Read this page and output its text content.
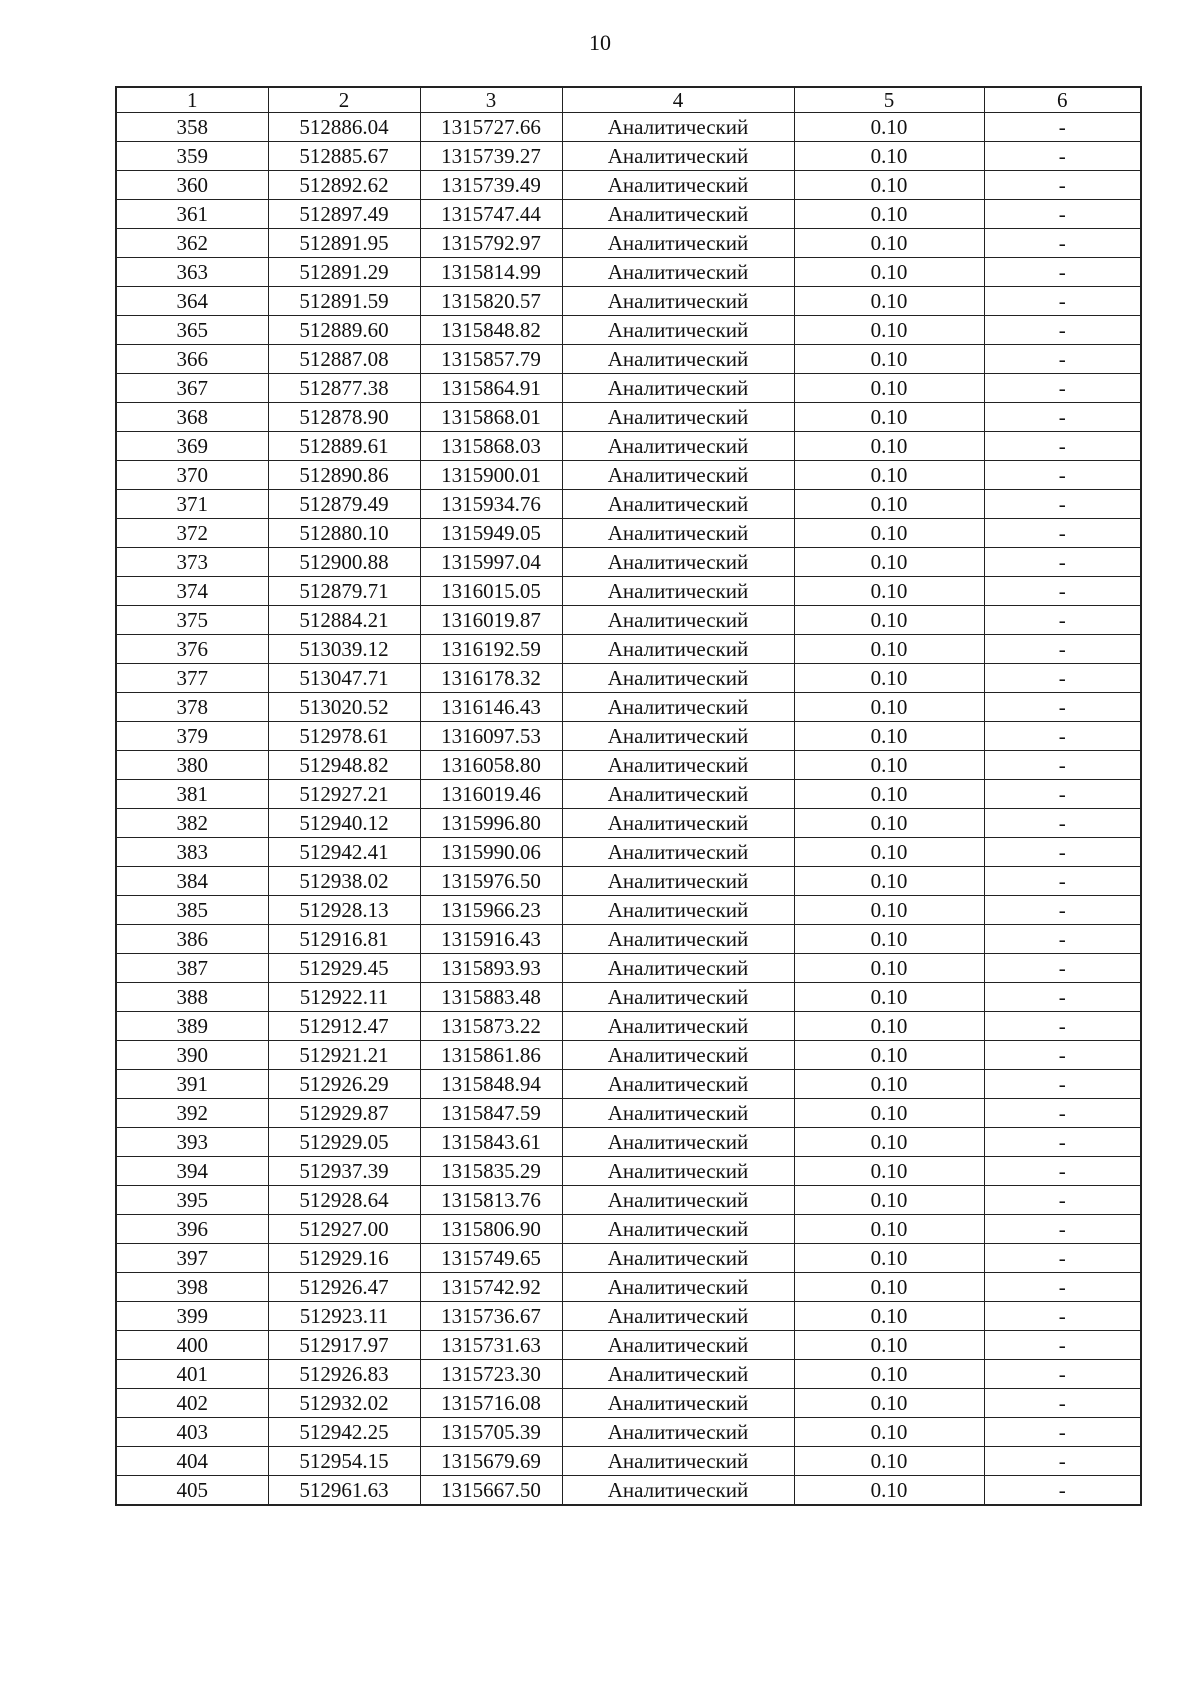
10
1	2	3	4	5	6
358	512886.04	1315727.66	Аналитический	0.10	-
359	512885.67	1315739.27	Аналитический	0.10	-
360	512892.62	1315739.49	Аналитический	0.10	-
361	512897.49	1315747.44	Аналитический	0.10	-
362	512891.95	1315792.97	Аналитический	0.10	-
363	512891.29	1315814.99	Аналитический	0.10	-
364	512891.59	1315820.57	Аналитический	0.10	-
365	512889.60	1315848.82	Аналитический	0.10	-
366	512887.08	1315857.79	Аналитический	0.10	-
367	512877.38	1315864.91	Аналитический	0.10	-
368	512878.90	1315868.01	Аналитический	0.10	-
369	512889.61	1315868.03	Аналитический	0.10	-
370	512890.86	1315900.01	Аналитический	0.10	-
371	512879.49	1315934.76	Аналитический	0.10	-
372	512880.10	1315949.05	Аналитический	0.10	-
373	512900.88	1315997.04	Аналитический	0.10	-
374	512879.71	1316015.05	Аналитический	0.10	-
375	512884.21	1316019.87	Аналитический	0.10	-
376	513039.12	1316192.59	Аналитический	0.10	-
377	513047.71	1316178.32	Аналитический	0.10	-
378	513020.52	1316146.43	Аналитический	0.10	-
379	512978.61	1316097.53	Аналитический	0.10	-
380	512948.82	1316058.80	Аналитический	0.10	-
381	512927.21	1316019.46	Аналитический	0.10	-
382	512940.12	1315996.80	Аналитический	0.10	-
383	512942.41	1315990.06	Аналитический	0.10	-
384	512938.02	1315976.50	Аналитический	0.10	-
385	512928.13	1315966.23	Аналитический	0.10	-
386	512916.81	1315916.43	Аналитический	0.10	-
387	512929.45	1315893.93	Аналитический	0.10	-
388	512922.11	1315883.48	Аналитический	0.10	-
389	512912.47	1315873.22	Аналитический	0.10	-
390	512921.21	1315861.86	Аналитический	0.10	-
391	512926.29	1315848.94	Аналитический	0.10	-
392	512929.87	1315847.59	Аналитический	0.10	-
393	512929.05	1315843.61	Аналитический	0.10	-
394	512937.39	1315835.29	Аналитический	0.10	-
395	512928.64	1315813.76	Аналитический	0.10	-
396	512927.00	1315806.90	Аналитический	0.10	-
397	512929.16	1315749.65	Аналитический	0.10	-
398	512926.47	1315742.92	Аналитический	0.10	-
399	512923.11	1315736.67	Аналитический	0.10	-
400	512917.97	1315731.63	Аналитический	0.10	-
401	512926.83	1315723.30	Аналитический	0.10	-
402	512932.02	1315716.08	Аналитический	0.10	-
403	512942.25	1315705.39	Аналитический	0.10	-
404	512954.15	1315679.69	Аналитический	0.10	-
405	512961.63	1315667.50	Аналитический	0.10	-
